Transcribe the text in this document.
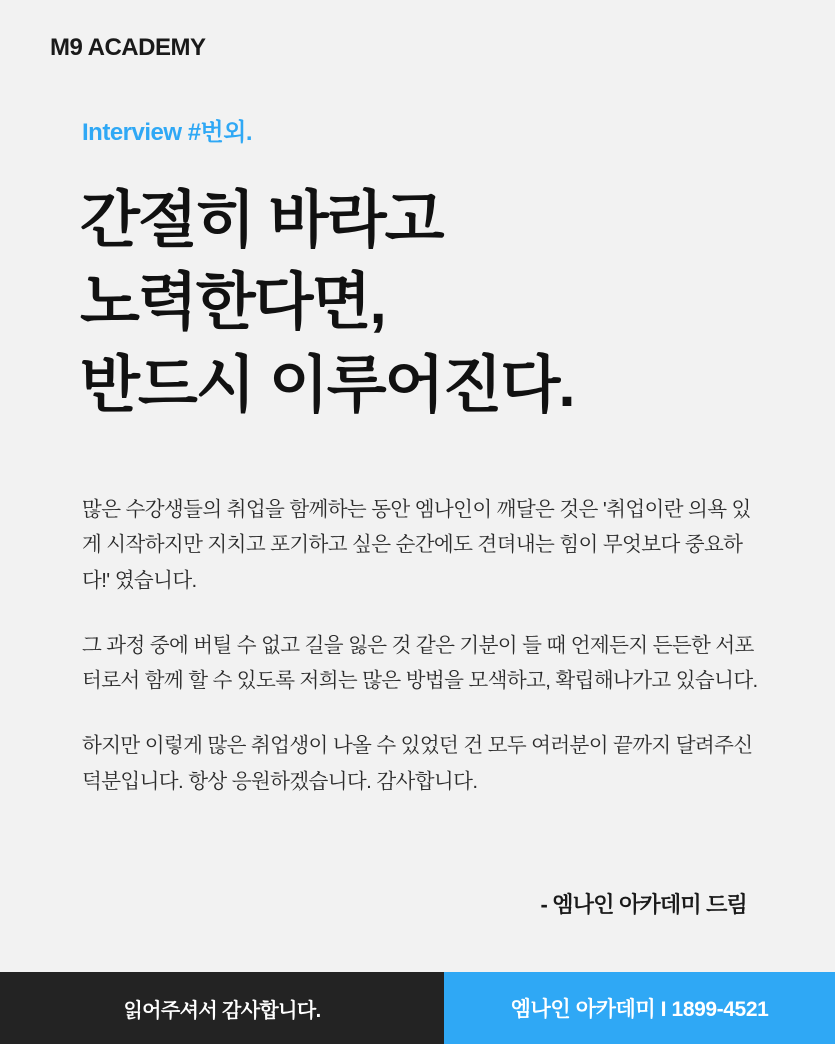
M9 ACADEMY
Interview #번외.
간절히 바라고
노력한다면,
반드시 이루어진다.

많은 수강생들의 취업을 함께하는 동안 엠나인이 깨달은 것은 '취업이란 의욕 있게 시작하지만 지치고 포기하고 싶은 순간에도 견뎌내는 힘이 무엇보다 중요하다!' 였습니다.

그 과정 중에 버틸 수 없고 길을 잃은 것 같은 기분이 들 때 언제든지 든든한 서포터로서 함께 할 수 있도록 저희는 많은 방법을 모색하고, 확립해나가고 있습니다.

하지만 이렇게 많은 취업생이 나올 수 있었던 건 모두 여러분이 끝까지 달려주신 덕분입니다. 항상 응원하겠습니다. 감사합니다.

- 엠나인 아카데미 드림
읽어주셔서 감사합니다.	엠나인 아카데미 I 1899-4521
